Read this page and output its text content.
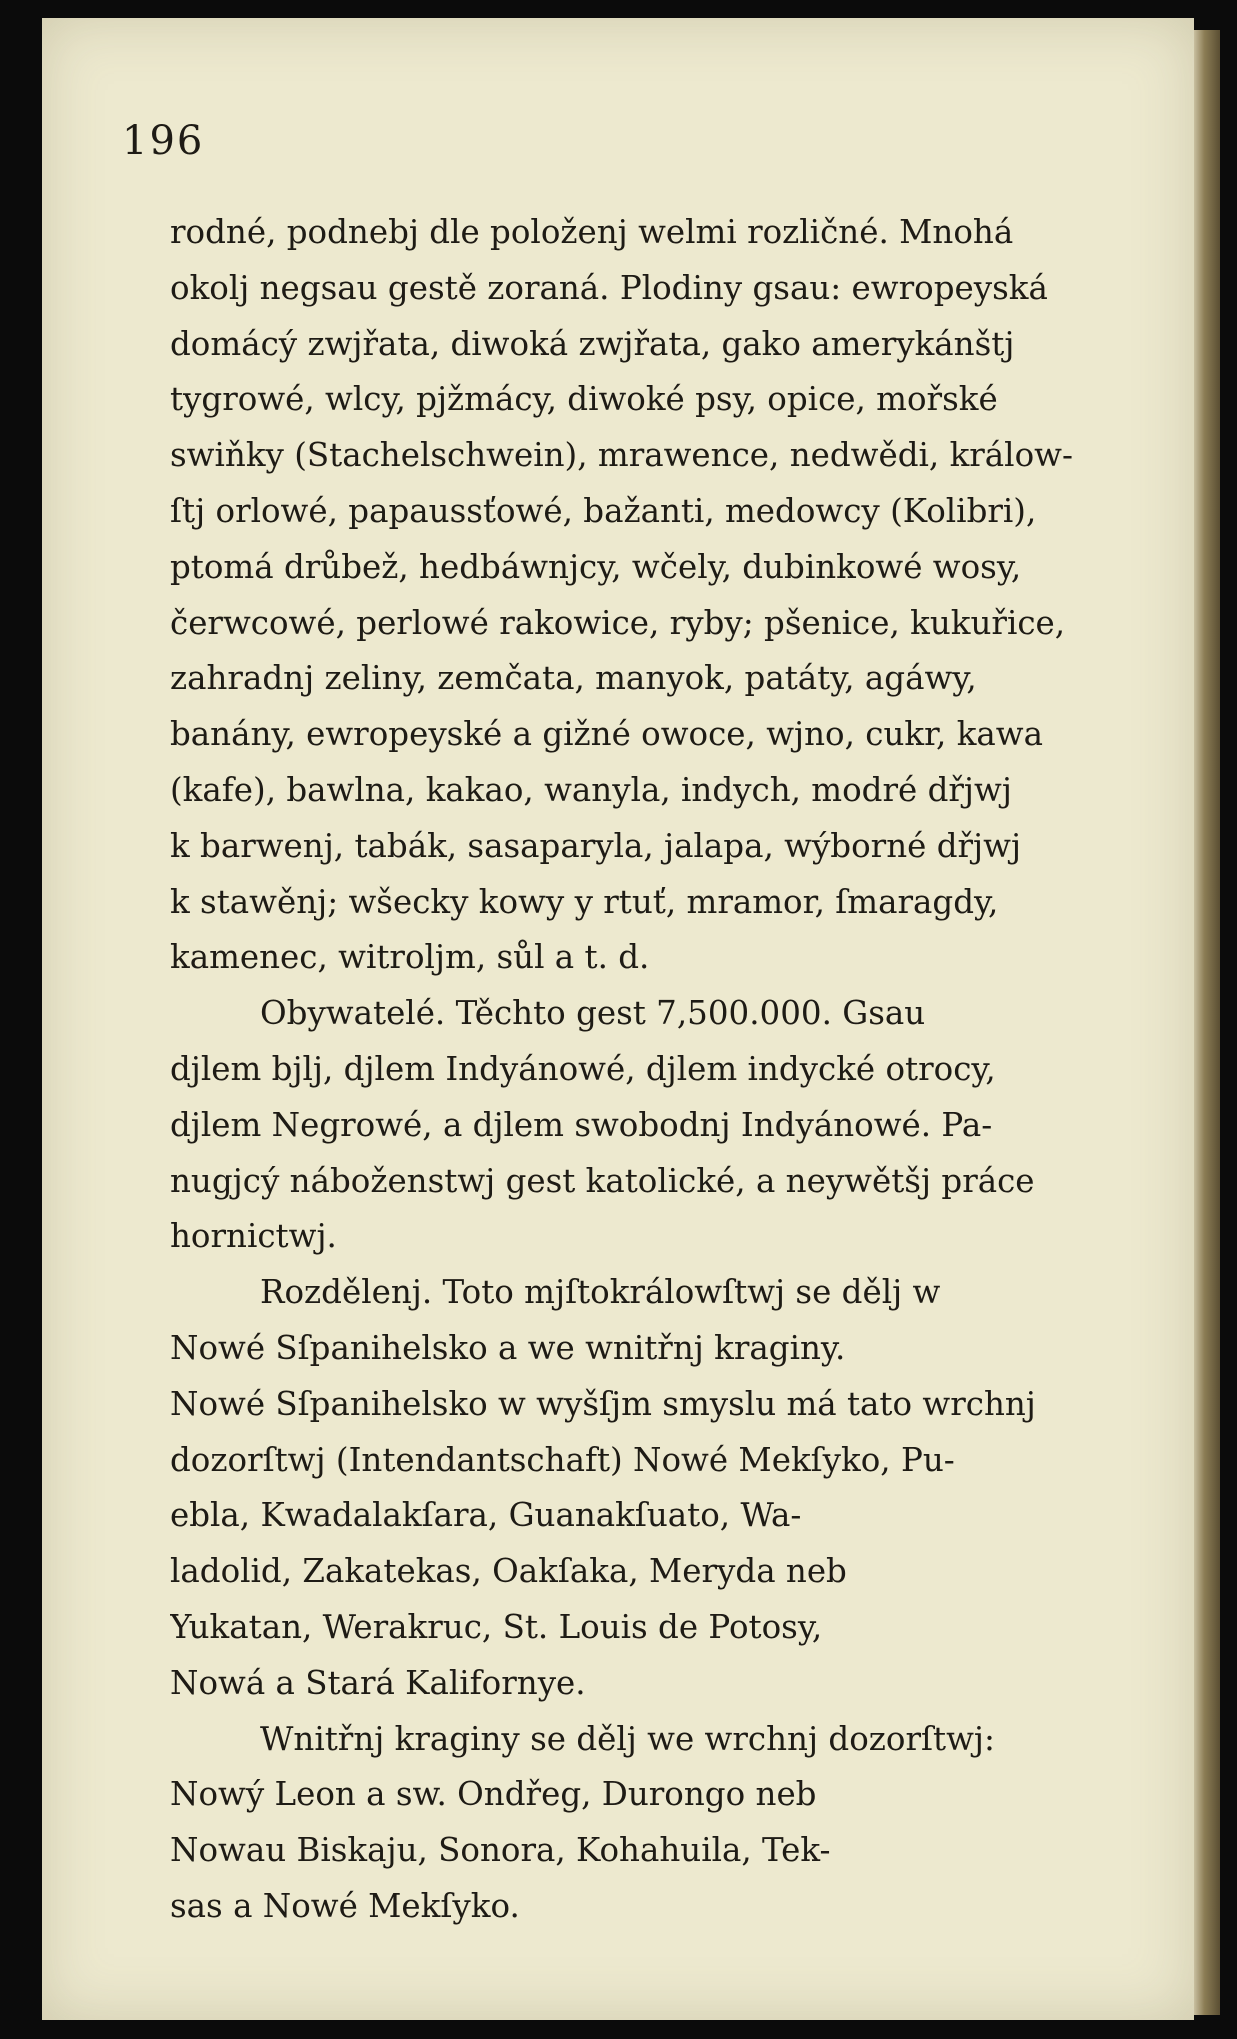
196
rodné, podnebj dle položenj welmi rozličné. Mnohá
okolj negsau gestě zoraná. Plodiny gsau: ewropeyská
domácý zwjřata, diwoká zwjřata, gako amerykánštj
tygrowé, wlcy, pjžmácy, diwoké psy, opice, mořské
swiňky (Stachelschwein), mrawence, nedwědi, králow-
ſtj orlowé, papaussťowé, bažanti, medowcy (Kolibri),
ptomá drůbež, hedbáwnjcy, wčely, dubinkowé wosy,
čerwcowé, perlowé rakowice, ryby; pšenice, kukuřice,
zahradnj zeliny, zemčata, manyok, patáty, agáwy,
banány, ewropeyské a gižné owoce, wjno, cukr, kawa
(kafe), bawlna, kakao, wanyla, indych, modré dřjwj
k barwenj, tabák, sasaparyla, jalapa, wýborné dřjwj
k stawěnj; wšecky kowy y rtuť, mramor, ſmaragdy,
kamenec, witroljm, sůl a t. d.
Obywatelé. Těchto gest 7,500.000. Gsau
djlem bjlj, djlem Indyánowé, djlem indycké otrocy,
djlem Negrowé, a djlem swobodnj Indyánowé. Pa-
nugjcý náboženstwj gest katolické, a neywětšj práce
hornictwj.
Rozdělenj. Toto mjſtokrálowſtwj se dělj w
Nowé Sſpanihelsko a we wnitřnj kraginy.
Nowé Sſpanihelsko w wyšſjm smyslu má tato wrchnj
dozorſtwj (Intendantschaft) Nowé Mekſyko, Pu-
ebla, Kwadalakſara, Guanakſuato, Wa-
ladolid, Zakatekas, Oakſaka, Meryda neb
Yukatan, Werakruc, St. Louis de Potosy,
Nowá a Stará Kalifornye.
Wnitřnj kraginy se dělj we wrchnj dozorſtwj:
Nowý Leon a sw. Ondřeg, Durongo neb
Nowau Biskaju, Sonora, Kohahuila, Tek-
sas a Nowé Mekſyko.
